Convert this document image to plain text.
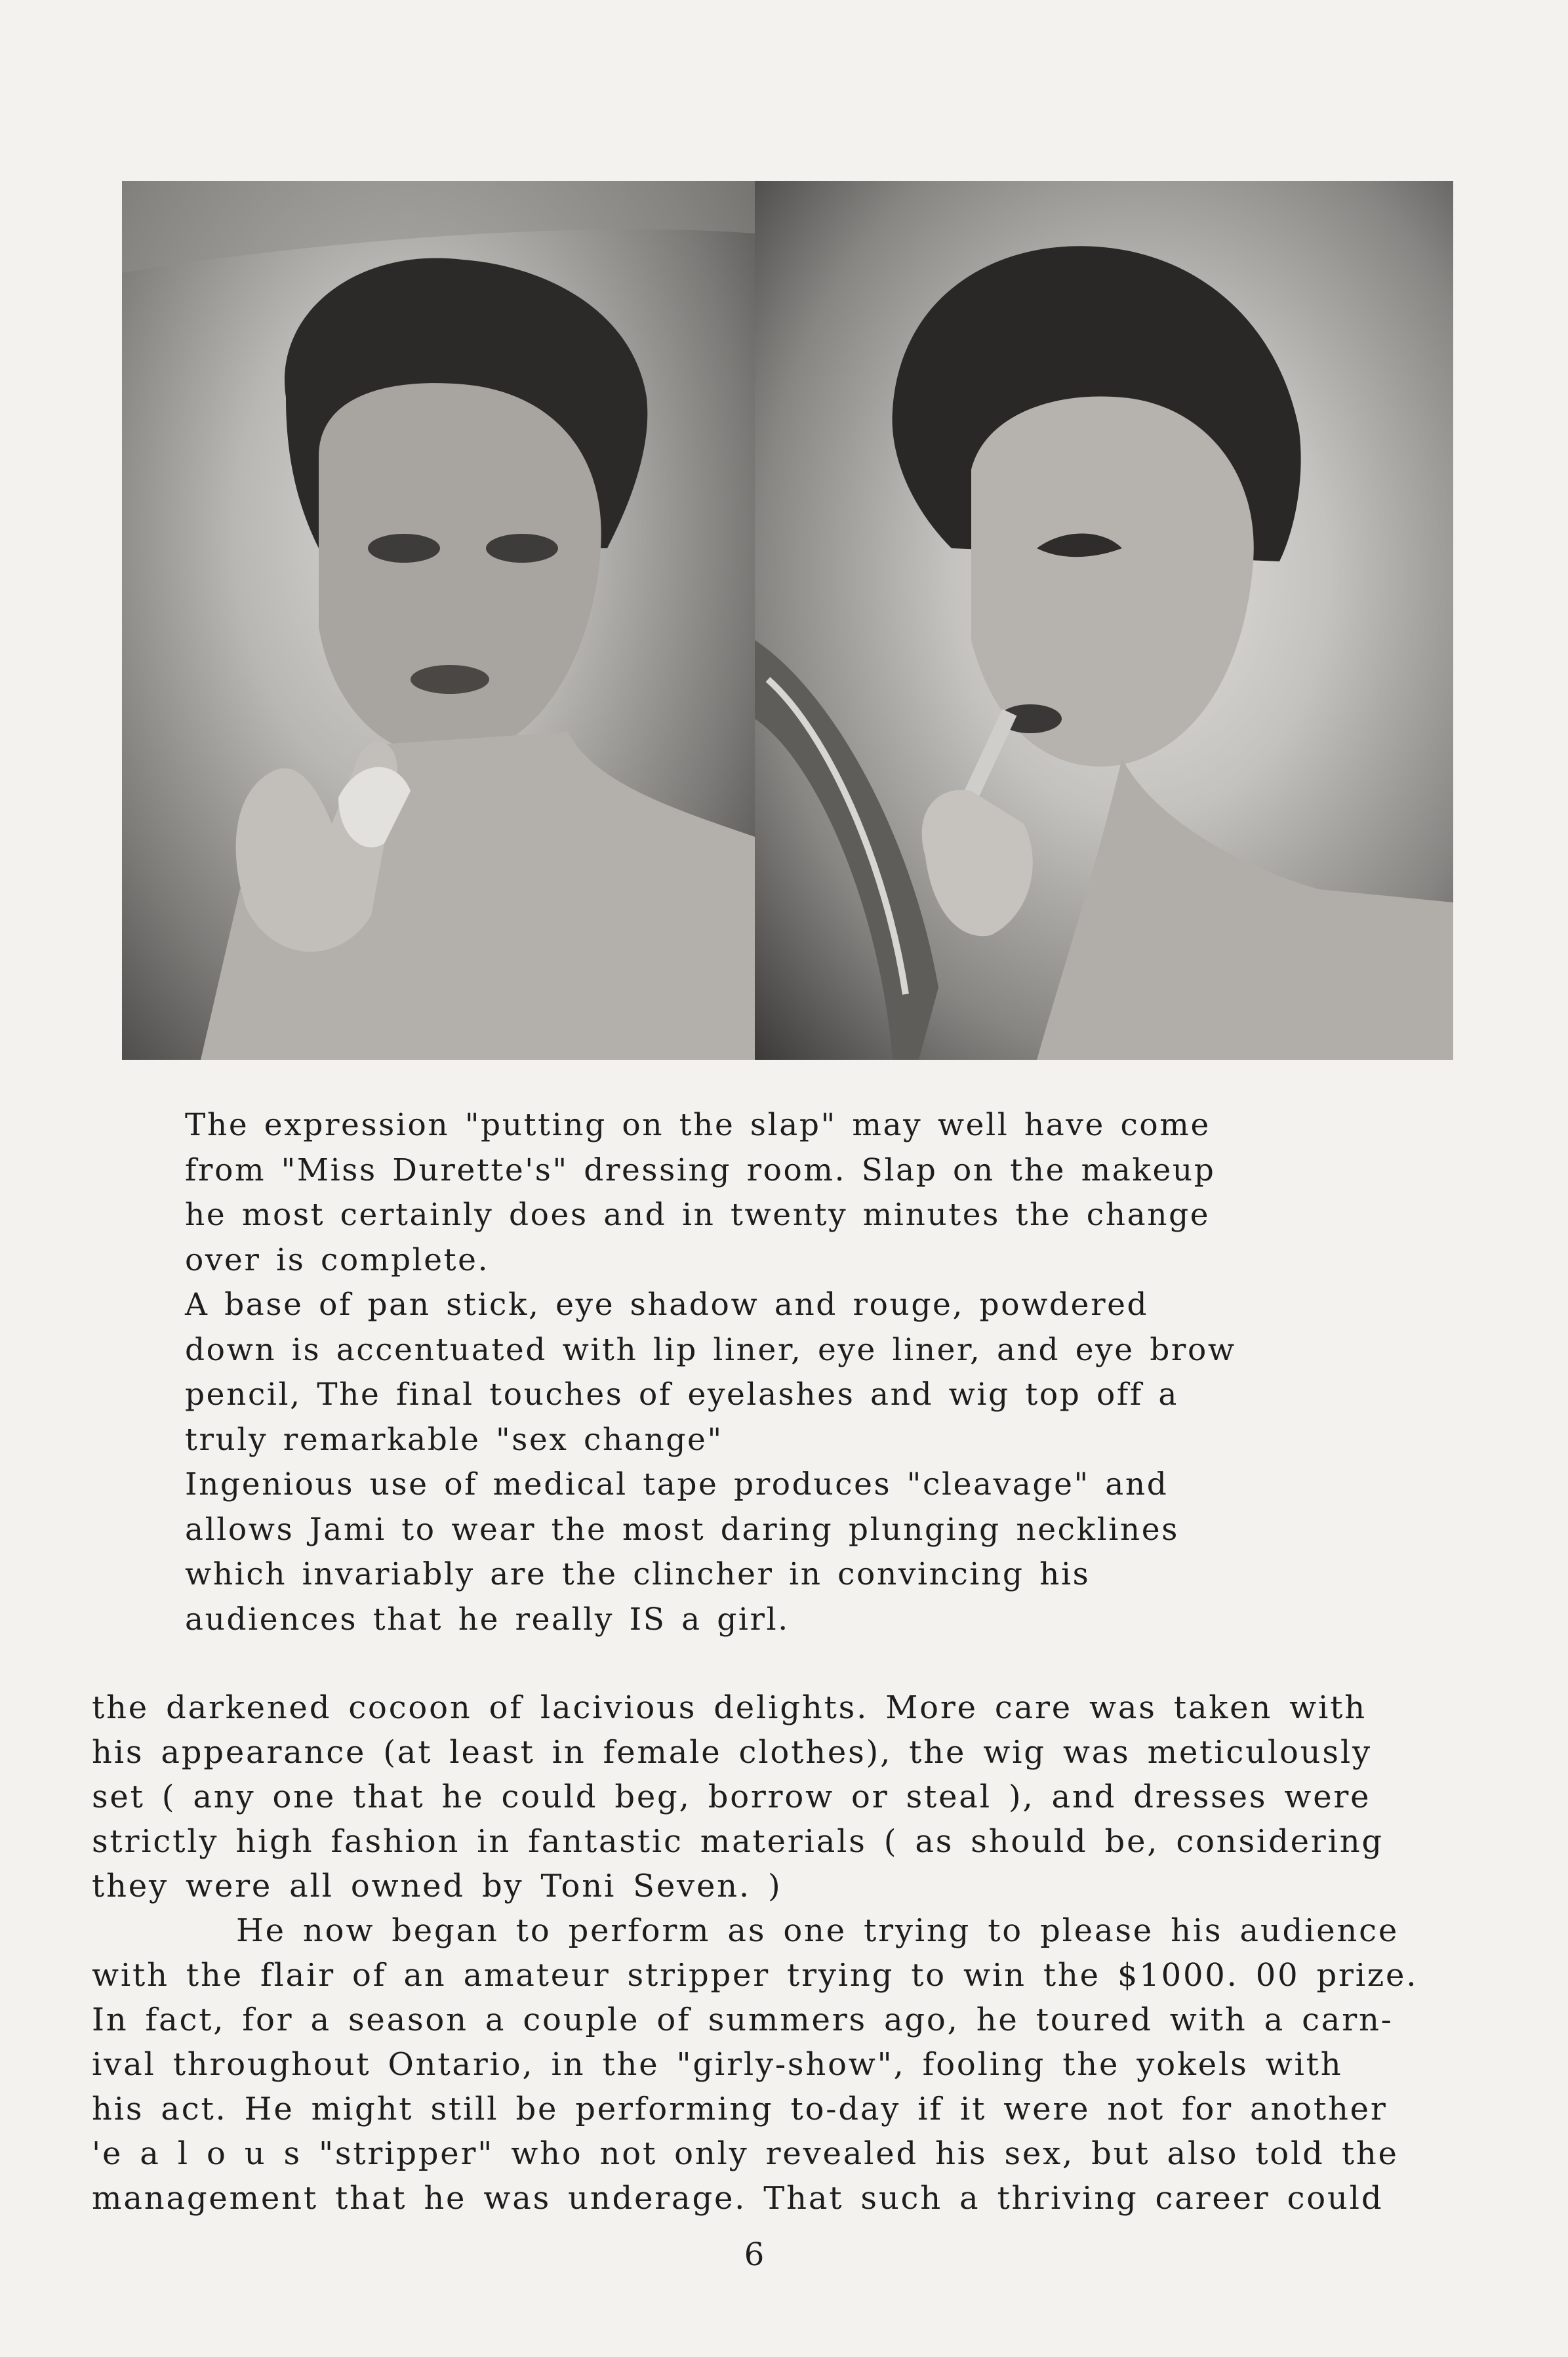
The expression "putting on the slap" may well have come
from "Miss Durette's" dressing room. Slap on the makeup
he most certainly does and in twenty minutes the change
over is complete.
A base of pan stick, eye shadow and rouge, powdered
down is accentuated with lip liner, eye liner, and eye brow
pencil, The final touches of eyelashes and wig top off a
truly remarkable "sex change"
Ingenious use of medical tape produces "cleavage" and
allows Jami to wear the most daring plunging necklines
which invariably are the clincher in convincing his
audiences that he really IS a girl.
the darkened cocoon of lacivious delights. More care was taken with
his appearance (at least in female clothes), the wig was meticulously
set ( any one that he could beg, borrow or steal ), and dresses were
strictly high fashion in fantastic materials ( as should be, considering
they were all owned by Toni Seven. )
He now began to perform as one trying to please his audience
with the flair of an amateur stripper trying to win the $1000. 00 prize.
In fact, for a season a couple of summers ago, he toured with a carn-
ival throughout Ontario, in the "girly-show", fooling the yokels with
his act. He might still be performing to-day if it were not for another
'e a l o u s "stripper" who not only revealed his sex, but also told the
management that he was underage. That such a thriving career could
6
